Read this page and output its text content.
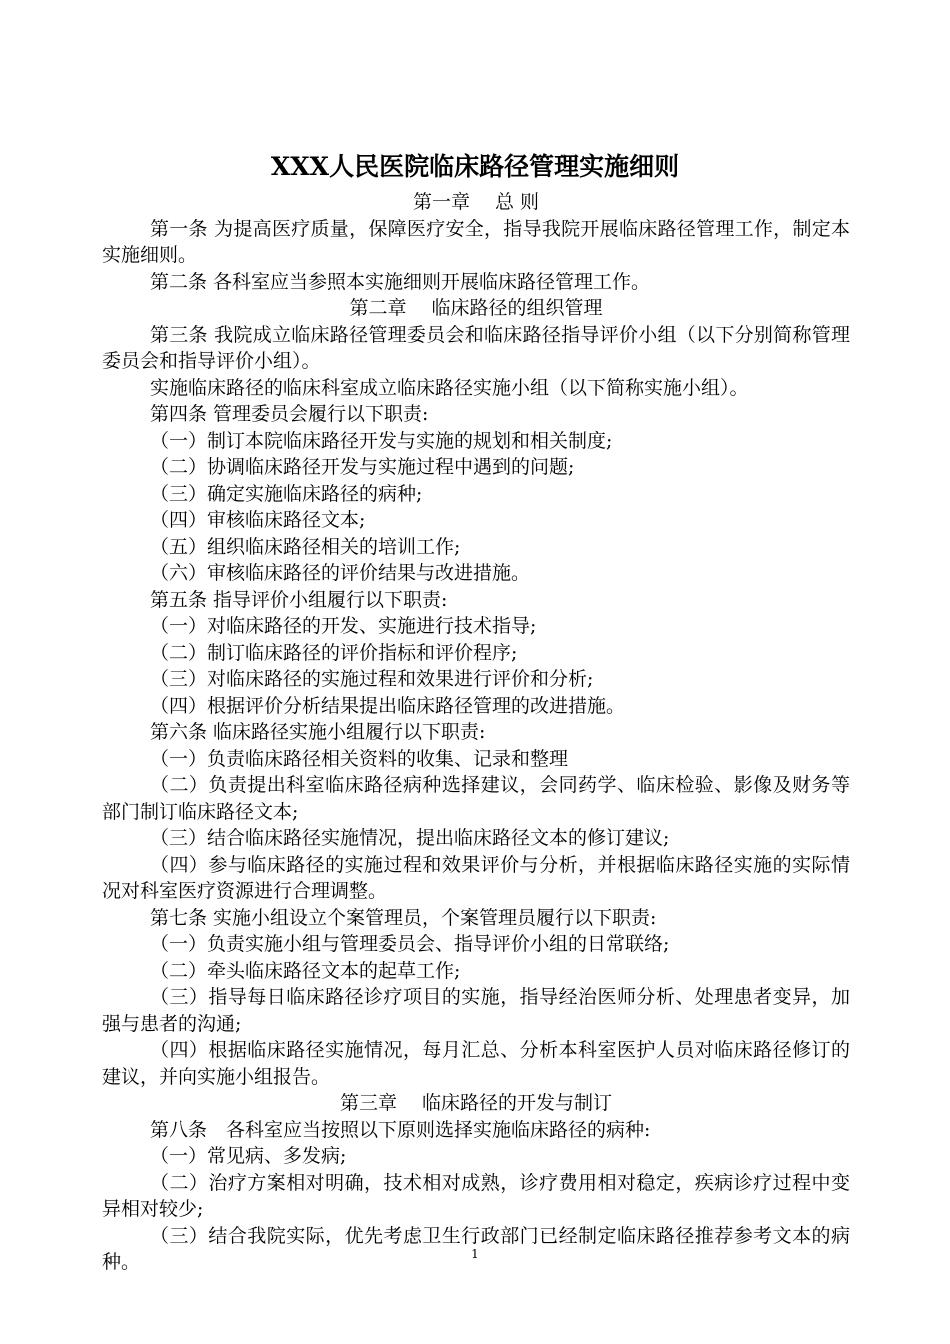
XXX人民医院临床路径管理实施细则

第一章　 总 则

第一条 为提高医疗质量，保障医疗安全，指导我院开展临床路径管理工作，制定本实施细则。

第二条 各科室应当参照本实施细则开展临床路径管理工作。

第二章　 临床路径的组织管理

第三条 我院成立临床路径管理委员会和临床路径指导评价小组（以下分别简称管理委员会和指导评价小组）。

实施临床路径的临床科室成立临床路径实施小组（以下简称实施小组）。

第四条 管理委员会履行以下职责:

（一）制订本院临床路径开发与实施的规划和相关制度;

（二）协调临床路径开发与实施过程中遇到的问题;

（三）确定实施临床路径的病种;

（四）审核临床路径文本;

（五）组织临床路径相关的培训工作;

（六）审核临床路径的评价结果与改进措施。

第五条 指导评价小组履行以下职责:

（一）对临床路径的开发、实施进行技术指导;

（二）制订临床路径的评价指标和评价程序;

（三）对临床路径的实施过程和效果进行评价和分析;

（四）根据评价分析结果提出临床路径管理的改进措施。

第六条 临床路径实施小组履行以下职责:

（一）负责临床路径相关资料的收集、记录和整理

（二）负责提出科室临床路径病种选择建议，会同药学、临床检验、影像及财务等部门制订临床路径文本;

（三）结合临床路径实施情况，提出临床路径文本的修订建议;

（四）参与临床路径的实施过程和效果评价与分析，并根据临床路径实施的实际情况对科室医疗资源进行合理调整。

第七条 实施小组设立个案管理员，个案管理员履行以下职责:

（一）负责实施小组与管理委员会、指导评价小组的日常联络;

（二）牵头临床路径文本的起草工作;

（三）指导每日临床路径诊疗项目的实施，指导经治医师分析、处理患者变异，加强与患者的沟通;

（四）根据临床路径实施情况，每月汇总、分析本科室医护人员对临床路径修订的建议，并向实施小组报告。

第三章　 临床路径的开发与制订

第八条　各科室应当按照以下原则选择实施临床路径的病种:

（一）常见病、多发病;

（二）治疗方案相对明确，技术相对成熟，诊疗费用相对稳定，疾病诊疗过程中变异相对较少;

（三）结合我院实际，优先考虑卫生行政部门已经制定临床路径推荐参考文本的病种。	1
